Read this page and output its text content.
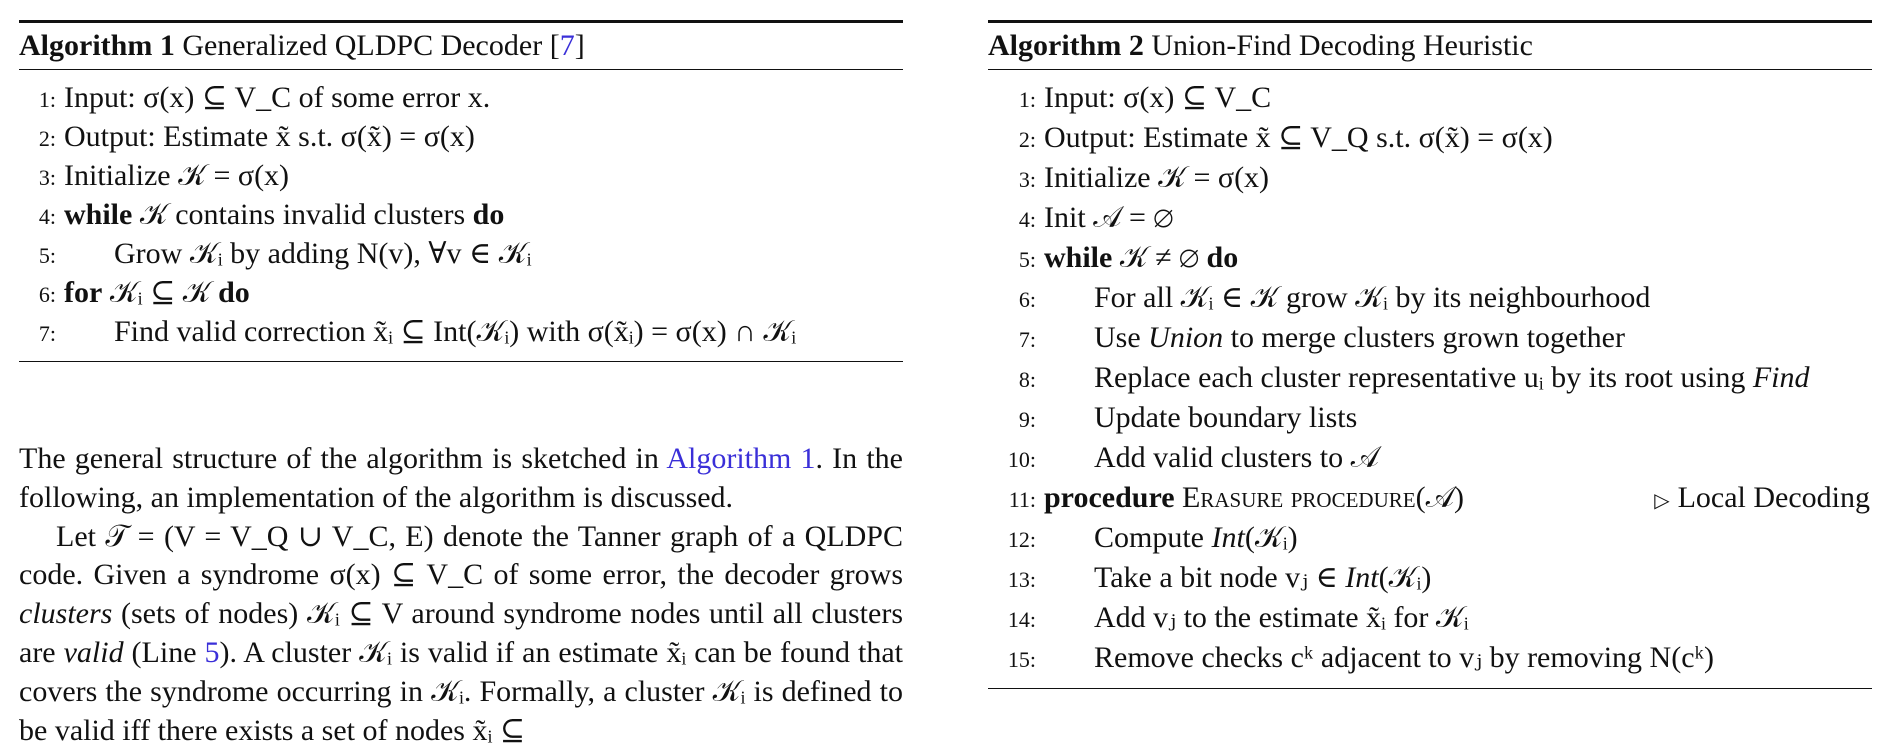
Algorithm 1 Generalized QLDPC Decoder [7]
1: Input: σ(x) ⊆ V_C of some error x.
2: Output: Estimate x̃ s.t. σ(x̃) = σ(x)
3: Initialize 𝒦 = σ(x)
4: while 𝒦 contains invalid clusters do
5: Grow 𝒦ᵢ by adding N(v), ∀v ∈ 𝒦ᵢ
6: for 𝒦ᵢ ⊆ 𝒦 do
7: Find valid correction x̃ᵢ ⊆ Int(𝒦ᵢ) with σ(x̃ᵢ) = σ(x) ∩ 𝒦ᵢ

The general structure of the algorithm is sketched in Algorithm 1. In the following, an implementation of the algorithm is discussed.

Let 𝒯 = (V = V_Q ∪ V_C, E) denote the Tanner graph of a QLDPC code. Given a syndrome σ(x) ⊆ V_C of some error, the decoder grows clusters (sets of nodes) 𝒦ᵢ ⊆ V around syndrome nodes until all clusters are valid (Line 5). A cluster 𝒦ᵢ is valid if an estimate x̃ᵢ can be found that covers the syndrome occurring in 𝒦ᵢ. Formally, a cluster 𝒦ᵢ is defined to be valid iff there exists a set of nodes x̃ᵢ ⊆

Algorithm 2 Union-Find Decoding Heuristic
1: Input: σ(x) ⊆ V_C
2: Output: Estimate x̃ ⊆ V_Q s.t. σ(x̃) = σ(x)
3: Initialize 𝒦 = σ(x)
4: Init 𝒜 = ∅
5: while 𝒦 ≠ ∅ do
6: For all 𝒦ᵢ ∈ 𝒦 grow 𝒦ᵢ by its neighbourhood
7: Use Union to merge clusters grown together
8: Replace each cluster representative uᵢ by its root using Find
9: Update boundary lists
10: Add valid clusters to 𝒜
11: procedure Erasure procedure(𝒜)	▷ Local Decoding
12: Compute Int(𝒦ᵢ)
13: Take a bit node vⱼ ∈ Int(𝒦ᵢ)
14: Add vⱼ to the estimate x̃ᵢ for 𝒦ᵢ
15: Remove checks cᵏ adjacent to vⱼ by removing N(cᵏ)
